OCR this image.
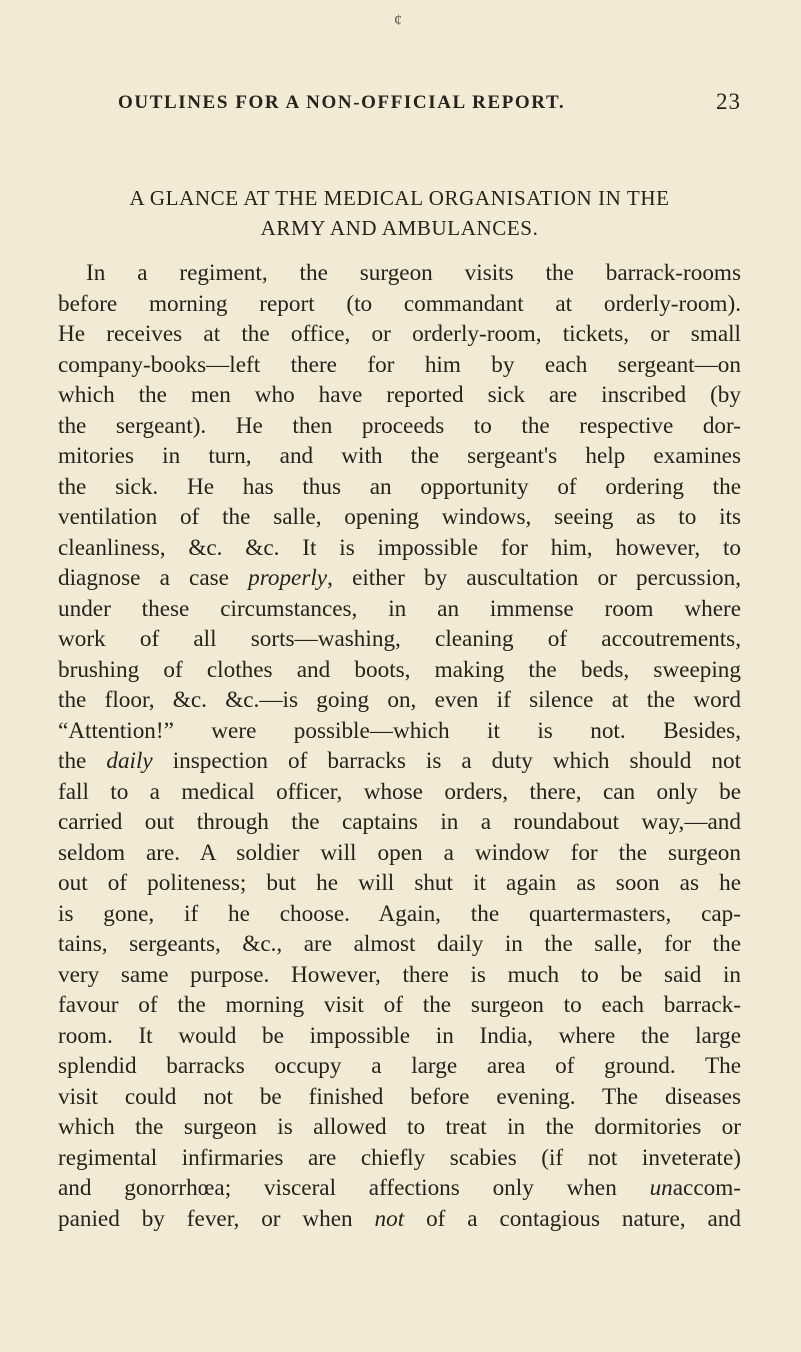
¢
OUTLINES FOR A NON-OFFICIAL REPORT.	23
A GLANCE AT THE MEDICAL ORGANISATION IN THE
ARMY AND AMBULANCES.
In a regiment, the surgeon visits the barrack-rooms
before morning report (to commandant at orderly-room).
He receives at the office, or orderly-room, tickets, or small
company-books—left there for him by each sergeant—on
which the men who have reported sick are inscribed (by
the sergeant). He then proceeds to the respective dor-
mitories in turn, and with the sergeant's help examines
the sick. He has thus an opportunity of ordering the
ventilation of the salle, opening windows, seeing as to its
cleanliness, &c. &c. It is impossible for him, however, to
diagnose a case properly, either by auscultation or percussion,
under these circumstances, in an immense room where
work of all sorts—washing, cleaning of accoutrements,
brushing of clothes and boots, making the beds, sweeping
the floor, &c. &c.—is going on, even if silence at the word
“Attention!” were possible—which it is not. Besides,
the daily inspection of barracks is a duty which should not
fall to a medical officer, whose orders, there, can only be
carried out through the captains in a roundabout way,—and
seldom are. A soldier will open a window for the surgeon
out of politeness; but he will shut it again as soon as he
is gone, if he choose. Again, the quartermasters, cap-
tains, sergeants, &c., are almost daily in the salle, for the
very same purpose. However, there is much to be said in
favour of the morning visit of the surgeon to each barrack-
room. It would be impossible in India, where the large
splendid barracks occupy a large area of ground. The
visit could not be finished before evening. The diseases
which the surgeon is allowed to treat in the dormitories or
regimental infirmaries are chiefly scabies (if not inveterate)
and gonorrhœa; visceral affections only when unaccom-
panied by fever, or when not of a contagious nature, and
